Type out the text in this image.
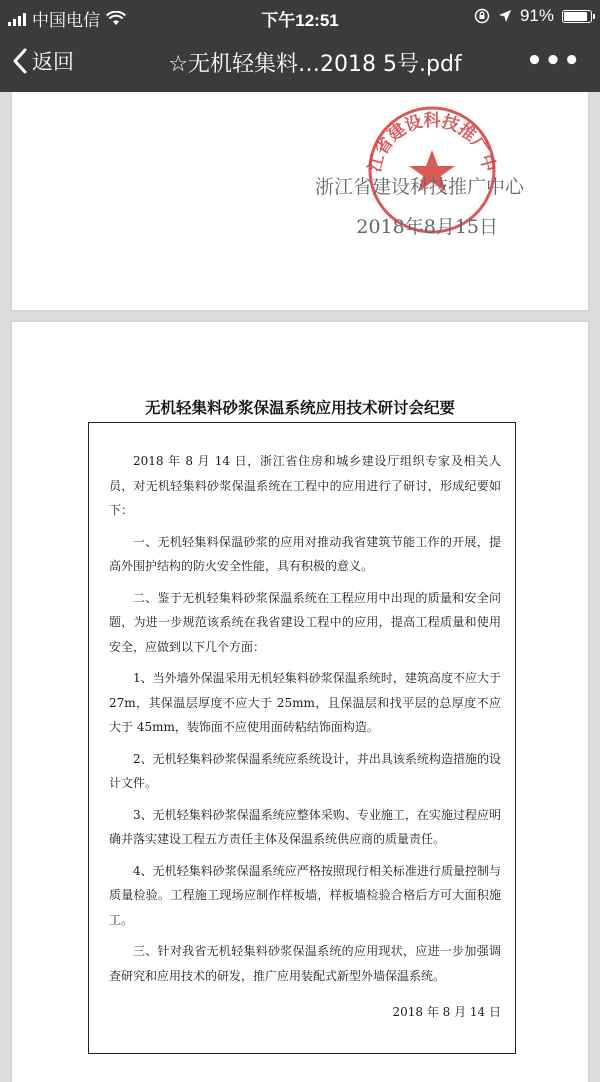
中国电信	下午12:51	91%
返回	☆无机轻集料…2018 5号.pdf	•••
江省建设科技推广中
浙江省建设科技推广中心
2018年8月15日
无机轻集料砂浆保温系统应用技术研讨会纪要

2018 年 8 月 14 日，浙江省住房和城乡建设厅组织专家及相关人员，对无机轻集料砂浆保温系统在工程中的应用进行了研讨，形成纪要如下：

一、无机轻集料保温砂浆的应用对推动我省建筑节能工作的开展，提高外围护结构的防火安全性能，具有积极的意义。

二、鉴于无机轻集料砂浆保温系统在工程应用中出现的质量和安全问题，为进一步规范该系统在我省建设工程中的应用，提高工程质量和使用安全，应做到以下几个方面：

1、当外墙外保温采用无机轻集料砂浆保温系统时，建筑高度不应大于 27m，其保温层厚度不应大于 25mm，且保温层和找平层的总厚度不应大于 45mm，装饰面不应使用面砖粘结饰面构造。

2、无机轻集料砂浆保温系统应系统设计，并出具该系统构造措施的设计文件。

3、无机轻集料砂浆保温系统应整体采购、专业施工，在实施过程应明确并落实建设工程五方责任主体及保温系统供应商的质量责任。

4、无机轻集料砂浆保温系统应严格按照现行相关标准进行质量控制与质量检验。工程施工现场应制作样板墙，样板墙检验合格后方可大面积施工。

三、针对我省无机轻集料砂浆保温系统的应用现状，应进一步加强调查研究和应用技术的研发，推广应用装配式新型外墙保温系统。

2018 年 8 月 14 日
